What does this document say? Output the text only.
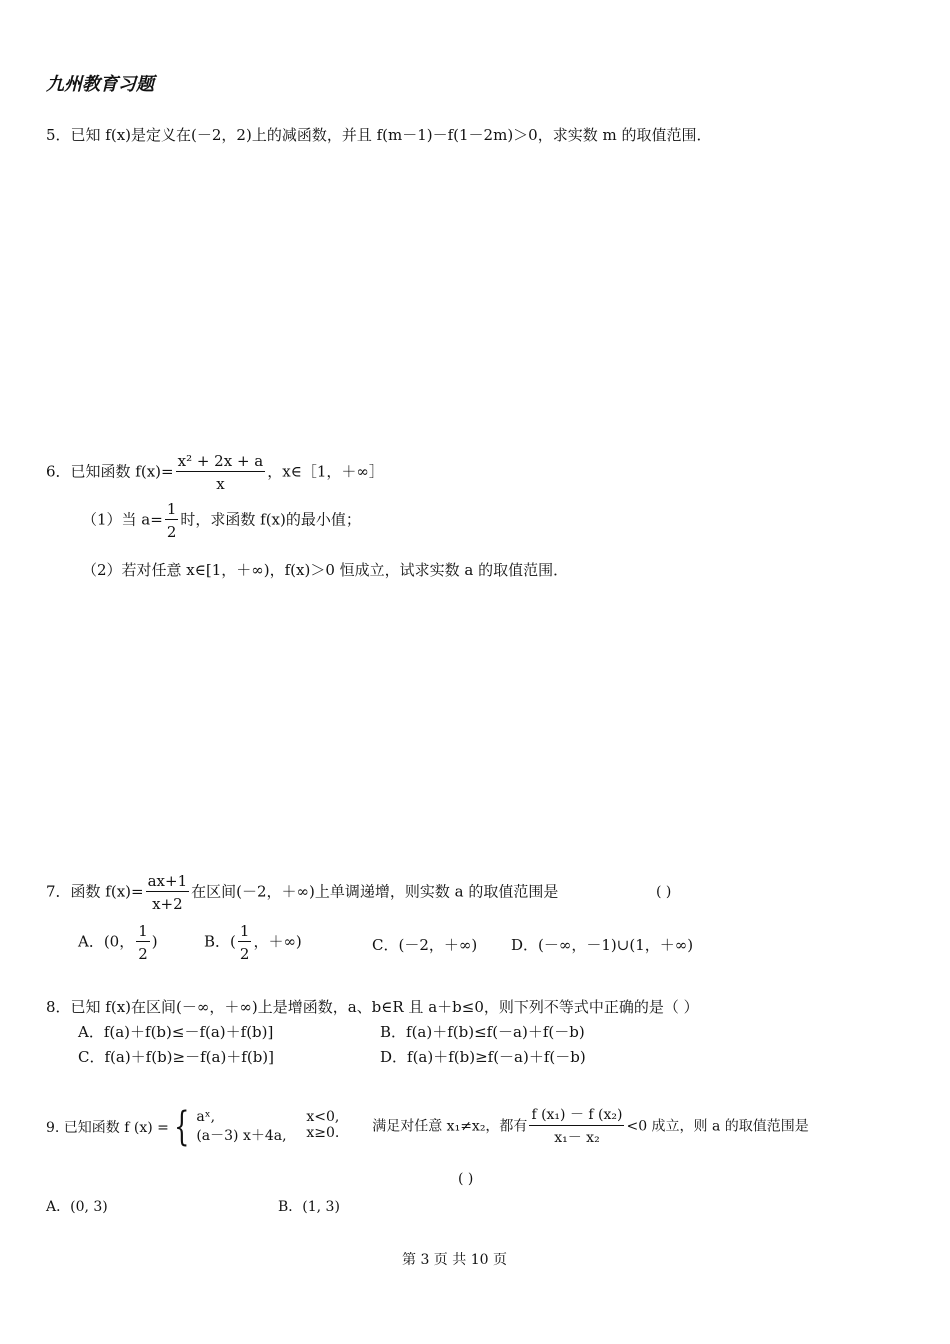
九州教育习题
5．已知 f(x)是定义在(－2，2)上的减函数，并且 f(m－1)－f(1－2m)＞0，求实数 m 的取值范围．
6．已知函数 $f(x)= \frac{\text{x² + 2x + a}}{x}$ ，x∈［1，＋∞］
（1）当 $a= \frac{1}{2}$ 时，求函数 f(x)的最小值；
（2）若对任意 x∈[1，＋∞)，f(x)＞0 恒成立，试求实数 a 的取值范围．
7．函数 $f(x)= \frac{ax+1}{x+2}$ 在区间(－2，＋∞)上单调递增，则实数 a 的取值范围是	( )
A．(0， $\frac{1}{2}$ )	B．( $\frac{1}{2}$ ，＋∞)	C．(－2，＋∞) D．(－∞，－1)∪(1，＋∞)
8．已知 f(x)在区间(－∞，＋∞)上是增函数，a、b∈R 且 a＋b≤0，则下列不等式中正确的是（ ）
A．f(a)＋f(b)≤－f(a)＋f(b)]	B．f(a)＋f(b)≤f(－a)＋f(－b)
C．f(a)＋f(b)≥－f(a)＋f(b)]	D．f(a)＋f(b)≥f(－a)＋f(－b)
9. 已知函数 f (x) = { aˣ,	x<0,
(a－3) x＋4a,	x≥0. 满足对任意 x₁≠x₂，都有 $\frac{\text{f (x₁) － f (x₂)}}{\text{x₁－ x₂}} <0$ 成立，则 a 的取值范围是
( )
A．(0, 3)	B．(1, 3)
第 3 页 共 10 页
